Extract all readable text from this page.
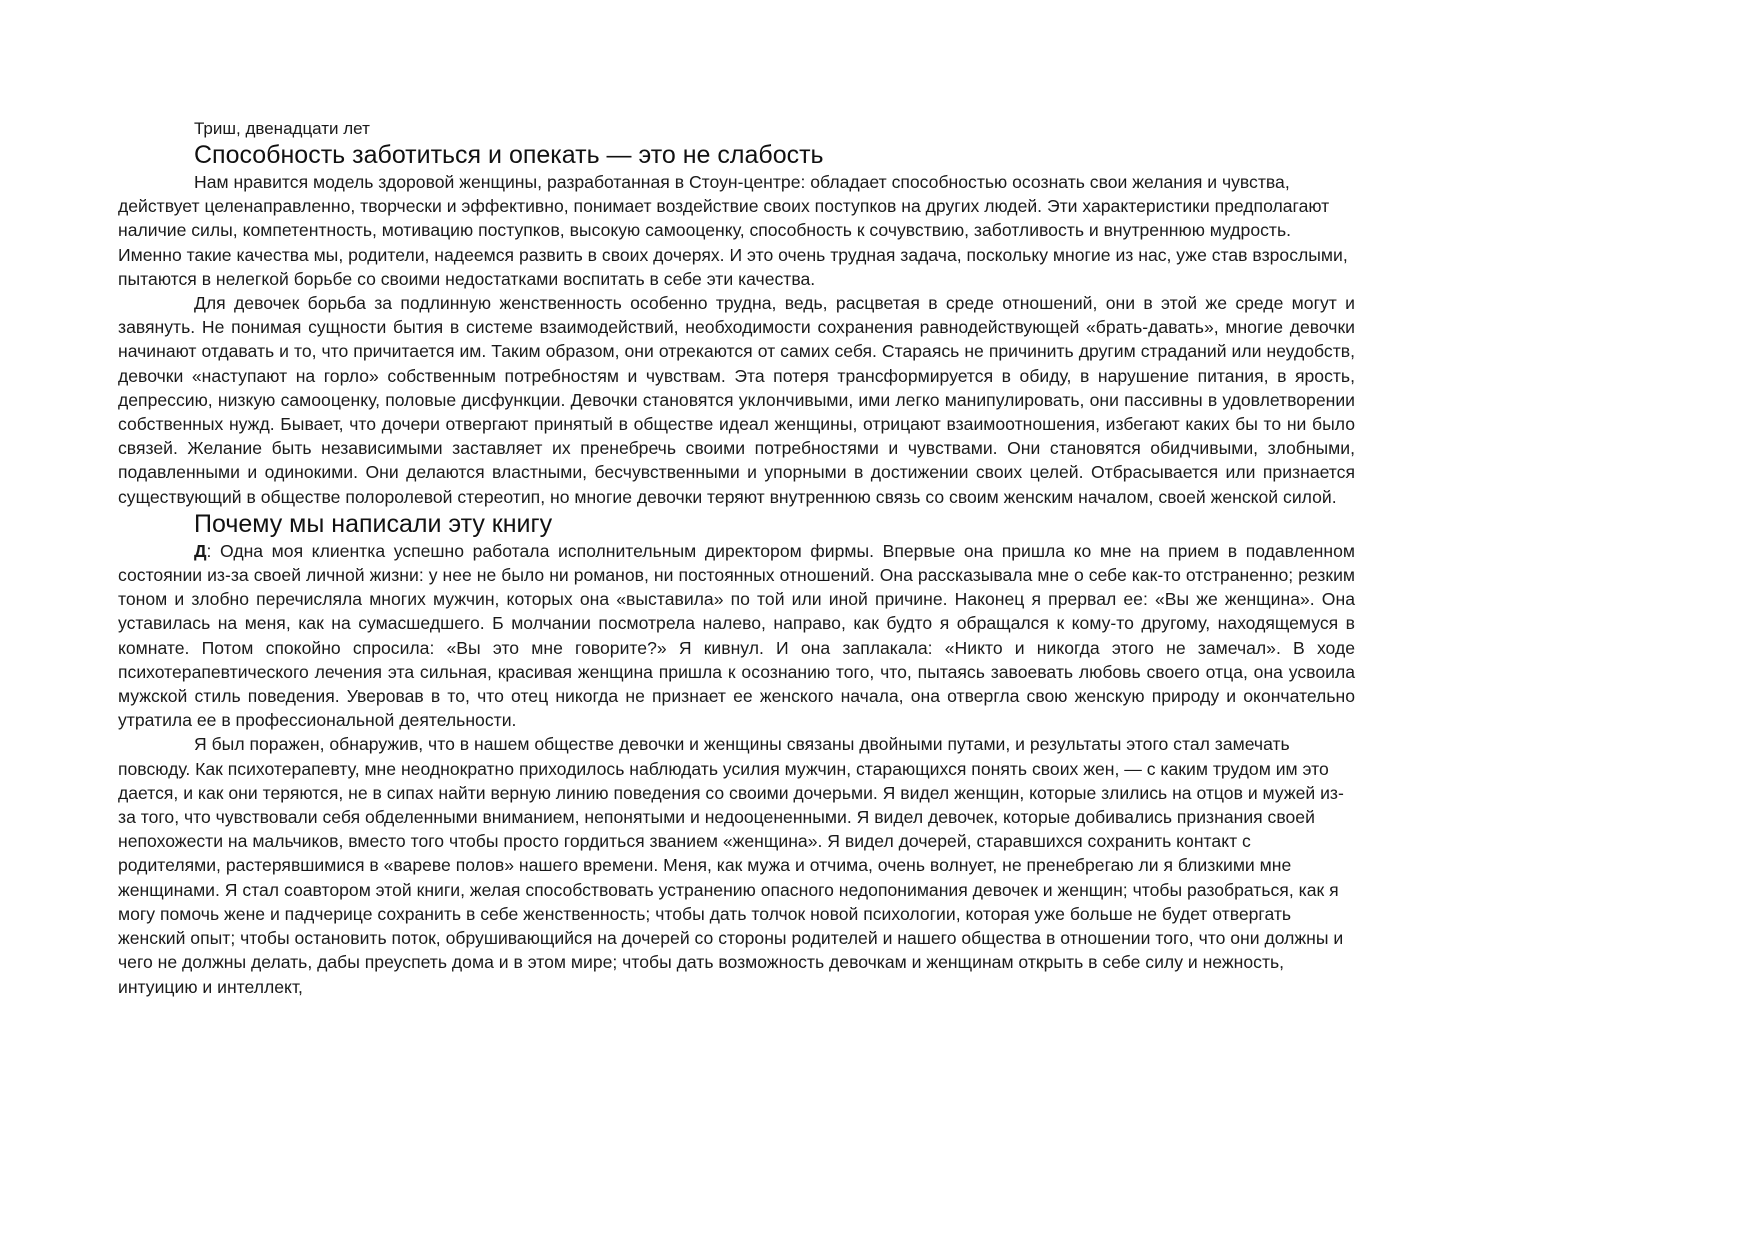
Триш, двенадцати лет

Способность заботиться и опекать — это не слабость

Нам нравится модель здоровой женщины, разработанная в Стоун-центре: обладает способностью осознать свои желания и чувства, действует целенаправленно, творчески и эффективно, понимает воздействие своих поступков на других людей. Эти характеристики предполагают наличие силы, компетентность, мотивацию поступков, высокую самооценку, способность к сочувствию, заботливость и внутреннюю мудрость. Именно такие качества мы, родители, надеемся развить в своих дочерях. И это очень трудная задача, поскольку многие из нас, уже став взрослыми, пытаются в нелегкой борьбе со своими недостатками воспитать в себе эти качества.

Для девочек борьба за подлинную женственность особенно трудна, ведь, расцветая в среде отношений, они в этой же среде могут и завянуть. Не понимая сущности бытия в системе взаимодействий, необходимости сохранения равнодействующей «брать-давать», многие девочки начинают отдавать и то, что причитается им. Таким образом, они отрекаются от самих себя. Стараясь не причинить другим страданий или неудобств, девочки «наступают на горло» собственным потребностям и чувствам. Эта потеря трансформируется в обиду, в нарушение питания, в ярость, депрессию, низкую самооценку, половые дисфункции. Девочки становятся уклончивыми, ими легко манипулировать, они пассивны в удовлетворении собственных нужд. Бывает, что дочери отвергают принятый в обществе идеал женщины, отрицают взаимоотношения, избегают каких бы то ни было связей. Желание быть независимыми заставляет их пренебречь своими потребностями и чувствами. Они становятся обидчивыми, злобными, подавленными и одинокими. Они делаются властными, бесчувственными и упорными в достижении своих целей. Отбрасывается или признается существующий в обществе полоролевой стереотип, но многие девочки теряют внутреннюю связь со своим женским началом, своей женской силой.

Почему мы написали эту книгу

Д: Одна моя клиентка успешно работала исполнительным директором фирмы. Впервые она пришла ко мне на прием в подавленном состоянии из-за своей личной жизни: у нее не было ни романов, ни постоянных отношений. Она рассказывала мне о себе как-то отстраненно; резким тоном и злобно перечисляла многих мужчин, которых она «выставила» по той или иной причине. Наконец я прервал ее: «Вы же женщина». Она уставилась на меня, как на сумасшедшего. Б молчании посмотрела налево, направо, как будто я обращался к кому-то другому, находящемуся в комнате. Потом спокойно спросила: «Вы это мне говорите?» Я кивнул. И она заплакала: «Никто и никогда этого не замечал». В ходе психотерапевтического лечения эта сильная, красивая женщина пришла к осознанию того, что, пытаясь завоевать любовь своего отца, она усвоила мужской стиль поведения. Уверовав в то, что отец никогда не признает ее женского начала, она отвергла свою женскую природу и окончательно утратила ее в профессиональной деятельности.

Я был поражен, обнаружив, что в нашем обществе девочки и женщины связаны двойными путами, и результаты этого стал замечать повсюду. Как психотерапевту, мне неоднократно приходилось наблюдать усилия мужчин, старающихся понять своих жен, — с каким трудом им это дается, и как они теряются, не в сипах найти верную линию поведения со своими дочерьми. Я видел женщин, которые злились на отцов и мужей из-за того, что чувствовали себя обделенными вниманием, непонятыми и недооцененными. Я видел девочек, которые добивались признания своей непохожести на мальчиков, вместо того чтобы просто гордиться званием «женщина». Я видел дочерей, старавшихся сохранить контакт с родителями, растерявшимися в «вареве полов» нашего времени. Меня, как мужа и отчима, очень волнует, не пренебрегаю ли я близкими мне женщинами. Я стал соавтором этой книги, желая способствовать устранению опасного недопонимания девочек и женщин; чтобы разобраться, как я могу помочь жене и падчерице сохранить в себе женственность; чтобы дать толчок новой психологии, которая уже больше не будет отвергать женский опыт; чтобы остановить поток, обрушивающийся на дочерей со стороны родителей и нашего общества в отношении того, что они должны и чего не должны делать, дабы преуспеть дома и в этом мире; чтобы дать возможность девочкам и женщинам открыть в себе силу и нежность, интуицию и интеллект,
